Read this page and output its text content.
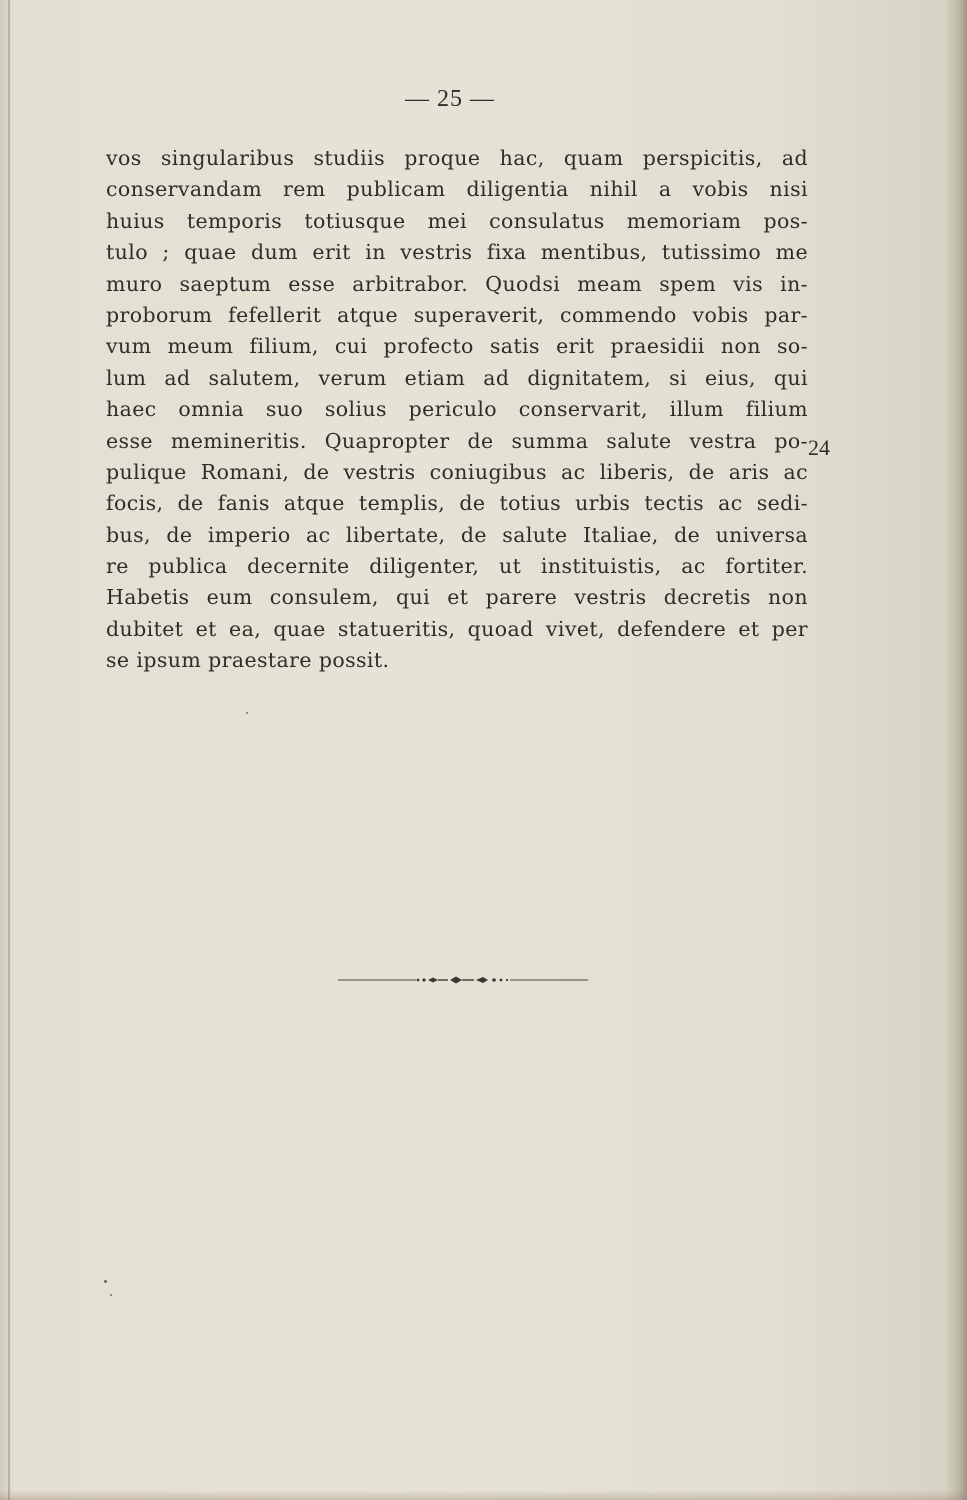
— 25 —
vos singularibus studiis proque hac, quam perspicitis, ad
conservandam rem publicam diligentia nihil a vobis nisi
huius temporis totiusque mei consulatus memoriam pos-
tulo ; quae dum erit in vestris fixa mentibus, tutissimo me
muro saeptum esse arbitrabor. Quodsi meam spem vis in-
proborum fefellerit atque superaverit, commendo vobis par-
vum meum filium, cui profecto satis erit praesidii non so-
lum ad salutem, verum etiam ad dignitatem, si eius, qui
haec omnia suo solius periculo conservarit, illum filium
esse memineritis. Quapropter de summa salute vestra po-
pulique Romani, de vestris coniugibus ac liberis, de aris ac
focis, de fanis atque templis, de totius urbis tectis ac sedi-
bus, de imperio ac libertate, de salute Italiae, de universa
re publica decernite diligenter, ut instituistis, ac fortiter.
Habetis eum consulem, qui et parere vestris decretis non
dubitet et ea, quae statueritis, quoad vivet, defendere et per
se ipsum praestare possit.
24
